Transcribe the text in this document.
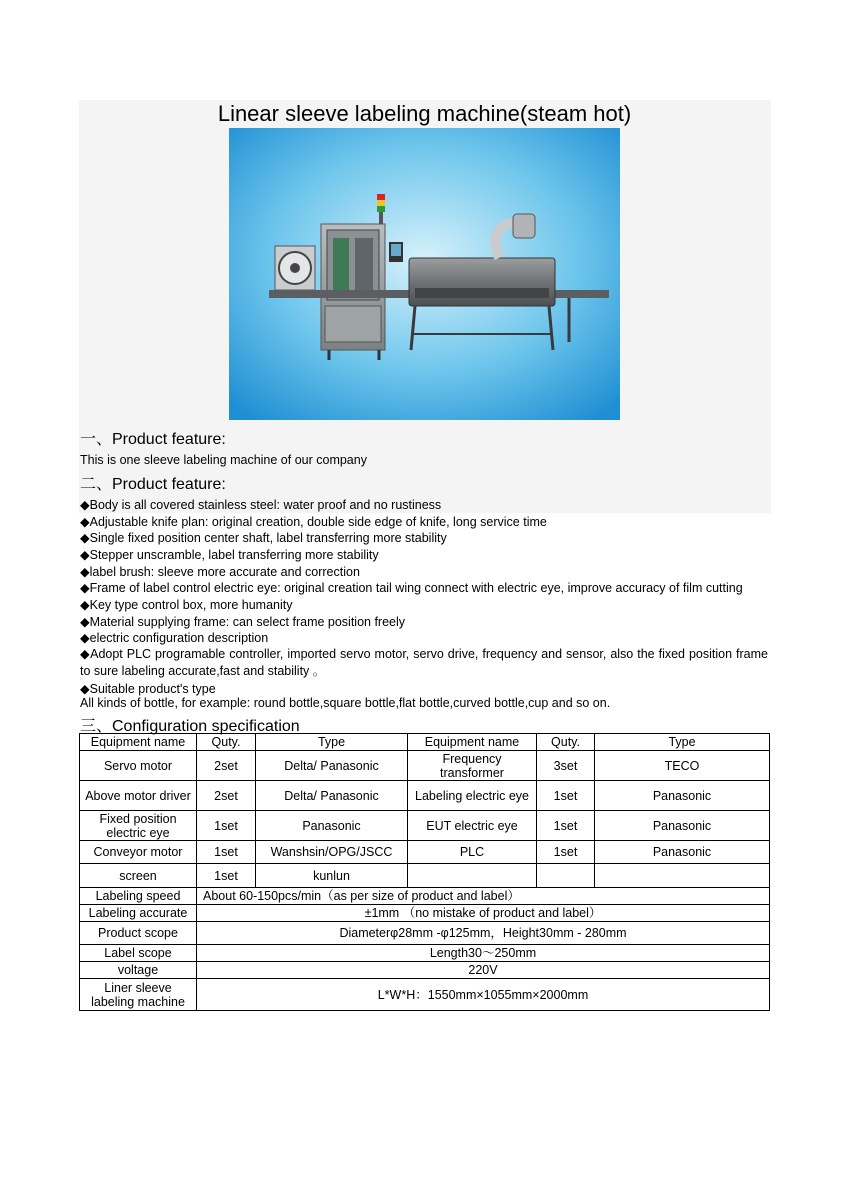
Linear sleeve labeling machine(steam hot)
一、Product feature:
This is one sleeve labeling machine of our company
二、Product feature:
◆Body is all covered stainless steel: water proof and no rustiness
◆Adjustable knife plan: original creation, double side edge of knife, long service time
◆Single fixed position center shaft, label transferring more stability
◆Stepper unscramble, label transferring more stability
◆label brush: sleeve more accurate and correction
◆Frame of label control electric eye: original creation tail wing connect with electric eye, improve accuracy of film cutting
◆Key type control box, more humanity
◆Material supplying frame: can select frame position freely
◆electric configuration description
◆Adopt PLC programable controller, imported servo motor, servo drive, frequency and sensor, also the fixed position frame to sure labeling accurate,fast and stability 。
◆Suitable product's type
All kinds of bottle, for example: round bottle,square bottle,flat bottle,curved bottle,cup and so on.
三、Configuration specification
Equipment name	Quty.	Type	Equipment name	Quty.	Type
Servo motor	2set	Delta/ Panasonic	Frequency transformer	3set	TECO
Above motor driver	2set	Delta/ Panasonic	Labeling electric eye	1set	Panasonic
Fixed position electric eye	1set	Panasonic	EUT electric eye	1set	Panasonic
Conveyor motor	1set	Wanshsin/OPG/JSCC	PLC	1set	Panasonic
screen	1set	kunlun			
Labeling speed	About 60-150pcs/min（as per size of product and label）				
Labeling accurate	±1mm （no mistake of product and label）				
Product scope	Diameterφ28mm -φ125mm，Height30mm - 280mm				
Label scope	Length30～250mm				
voltage	220V				
Liner sleeve labeling machine	L*W*H：1550mm×1055mm×2000mm				
